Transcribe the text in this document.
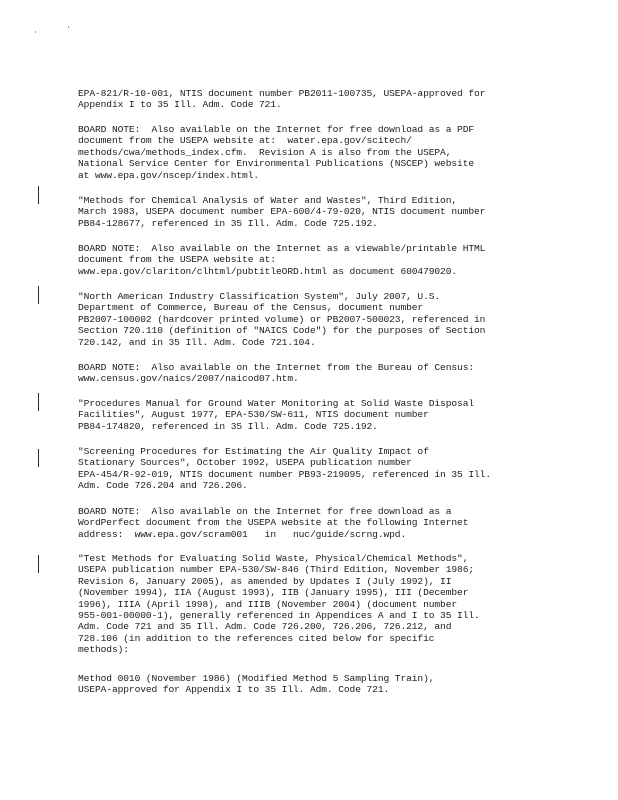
EPA-821/R-10-001, NTIS document number PB2011-100735, USEPA-approved for
Appendix I to 35 Ill. Adm. Code 721.

BOARD NOTE:  Also available on the Internet for free download as a PDF
document from the USEPA website at:  water.epa.gov/scitech/
methods/cwa/methods_index.cfm.  Revision A is also from the USEPA,
National Service Center for Environmental Publications (NSCEP) website
at www.epa.gov/nscep/index.html.

"Methods for Chemical Analysis of Water and Wastes", Third Edition,
March 1983, USEPA document number EPA-600/4-79-020, NTIS document number
PB84-128677, referenced in 35 Ill. Adm. Code 725.192.

BOARD NOTE:  Also available on the Internet as a viewable/printable HTML
document from the USEPA website at:
www.epa.gov/clariton/clhtml/pubtitleORD.html as document 600479020.

"North American Industry Classification System", July 2007, U.S.
Department of Commerce, Bureau of the Census, document number
PB2007-100002 (hardcover printed volume) or PB2007-500023, referenced in
Section 720.110 (definition of "NAICS Code") for the purposes of Section
720.142, and in 35 Ill. Adm. Code 721.104.

BOARD NOTE:  Also available on the Internet from the Bureau of Census:
www.census.gov/naics/2007/naicod07.htm.

"Procedures Manual for Ground Water Monitoring at Solid Waste Disposal
Facilities", August 1977, EPA-530/SW-611, NTIS document number
PB84-174820, referenced in 35 Ill. Adm. Code 725.192.

"Screening Procedures for Estimating the Air Quality Impact of
Stationary Sources", October 1992, USEPA publication number
EPA-454/R-92-019, NTIS document number PB93-219095, referenced in 35 Ill.
Adm. Code 726.204 and 726.206.

BOARD NOTE:  Also available on the Internet for free download as a
WordPerfect document from the USEPA website at the following Internet
address:  www.epa.gov/scram001   in   nuc/guide/scrng.wpd.

"Test Methods for Evaluating Solid Waste, Physical/Chemical Methods",
USEPA publication number EPA-530/SW-846 (Third Edition, November 1986;
Revision 6, January 2005), as amended by Updates I (July 1992), II
(November 1994), IIA (August 1993), IIB (January 1995), III (December
1996), IIIA (April 1998), and IIIB (November 2004) (document number
955-001-00000-1), generally referenced in Appendices A and I to 35 Ill.
Adm. Code 721 and 35 Ill. Adm. Code 726.200, 726.206, 726.212, and
728.106 (in addition to the references cited below for specific
methods):

Method 0010 (November 1986) (Modified Method 5 Sampling Train),
USEPA-approved for Appendix I to 35 Ill. Adm. Code 721.
